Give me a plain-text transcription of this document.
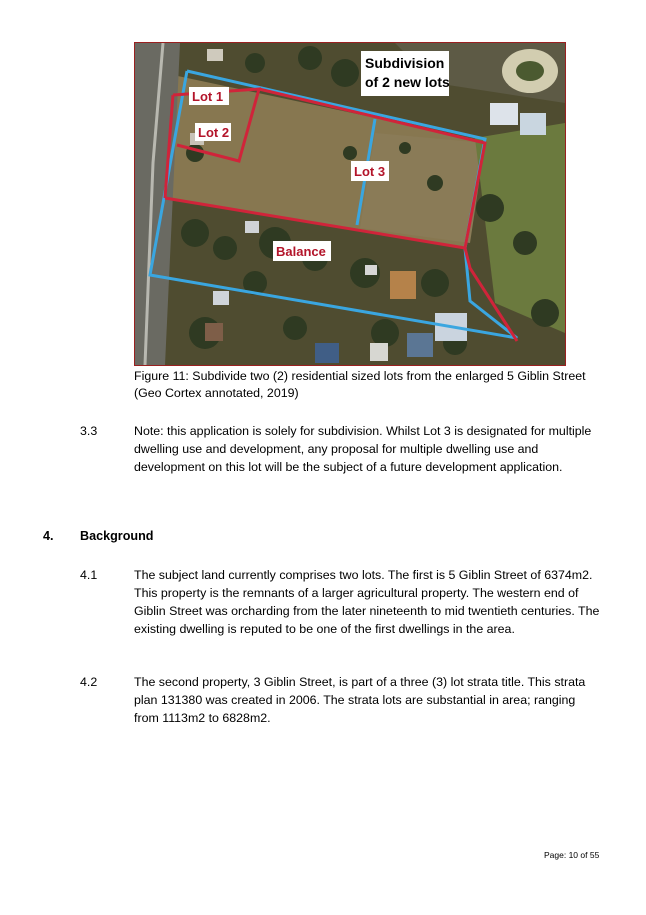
Subdivision
of 2 new lots
Lot 1
Lot 2
Lot 3
Balance
Figure 11: Subdivide two (2) residential sized lots from the enlarged 5 Giblin Street
(Geo Cortex annotated, 2019)
3.3	Note: this application is solely for subdivision. Whilst Lot 3 is designated for multiple dwelling use and development, any proposal for multiple dwelling use and development on this lot will be the subject of a future development application.
4. Background
4.1	The subject land currently comprises two lots. The first is 5 Giblin Street of 6374m2. This property is the remnants of a larger agricultural property. The western end of Giblin Street was orcharding from the later nineteenth to mid twentieth centuries. The existing dwelling is reputed to be one of the first dwellings in the area.
4.2	The second property, 3 Giblin Street, is part of a three (3) lot strata title. This strata plan 131380 was created in 2006. The strata lots are substantial in area; ranging from 1113m2 to 6828m2.
Page: 10 of 55
